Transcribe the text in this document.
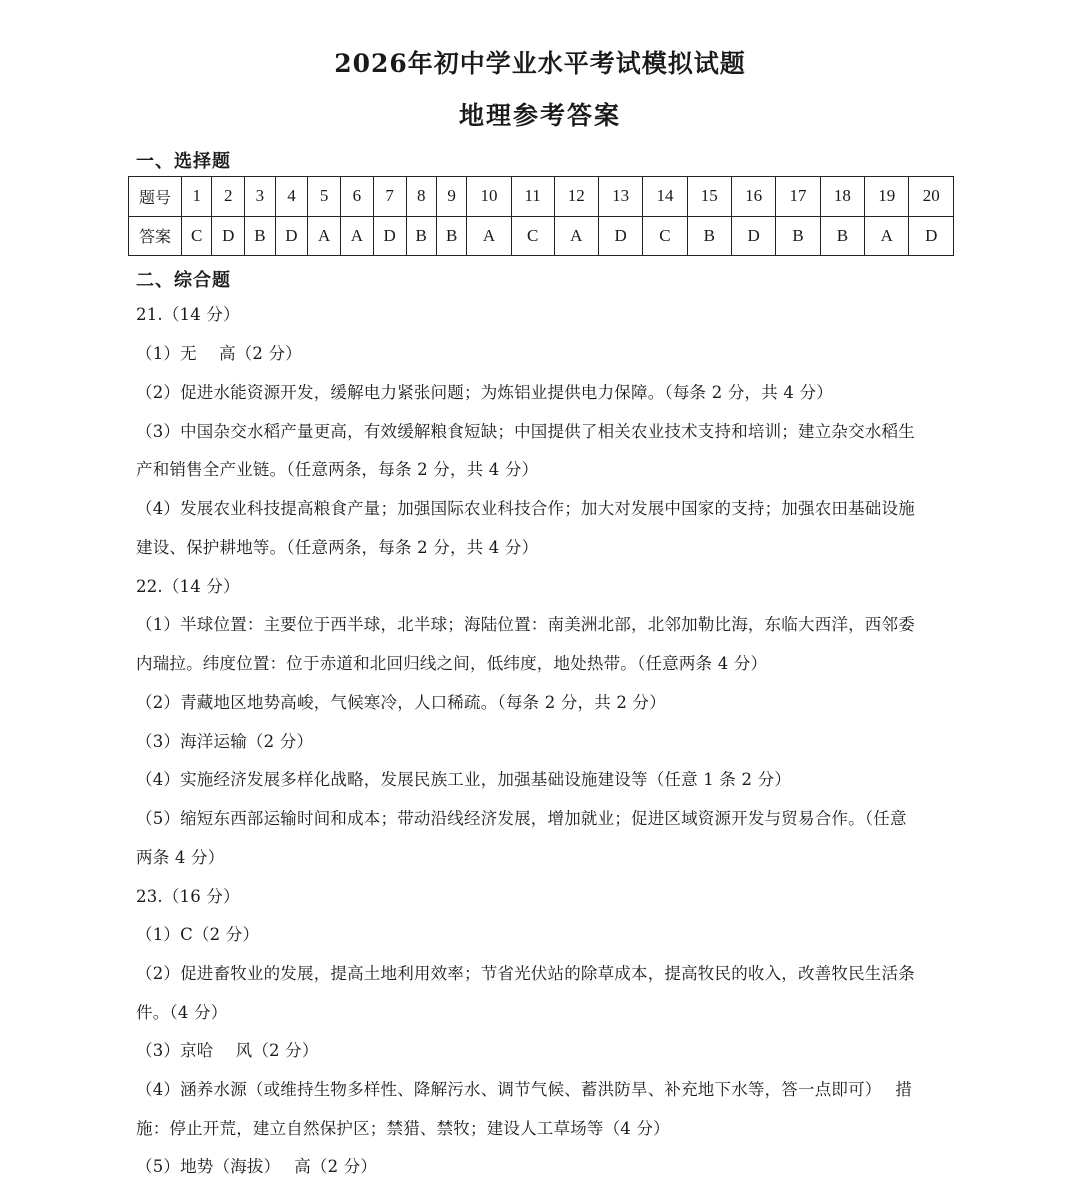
2026年初中学业水平考试模拟试题
地理参考答案
一、选择题
题号	1	2	3	4	5	6	7	8	9	10	11	12	13	14	15	16	17	18	19	20
答案	C	D	B	D	A	A	D	B	B	A	C	A	D	C	B	D	B	B	A	D
二、综合题
21.（14 分）
（1）无　 高（2 分）
（2）促进水能资源开发，缓解电力紧张问题；为炼铝业提供电力保障。（每条 2 分，共 4 分）
（3）中国杂交水稻产量更高，有效缓解粮食短缺；中国提供了相关农业技术支持和培训；建立杂交水稻生
产和销售全产业链。（任意两条，每条 2 分，共 4 分）
（4）发展农业科技提高粮食产量；加强国际农业科技合作；加大对发展中国家的支持；加强农田基础设施
建设、保护耕地等。（任意两条，每条 2 分，共 4 分）
22.（14 分）
（1）半球位置：主要位于西半球，北半球；海陆位置：南美洲北部，北邻加勒比海，东临大西洋，西邻委
内瑞拉。纬度位置：位于赤道和北回归线之间，低纬度，地处热带。（任意两条 4 分）
（2）青藏地区地势高峻，气候寒冷，人口稀疏。（每条 2 分，共 2 分）
（3）海洋运输（2 分）
（4）实施经济发展多样化战略，发展民族工业，加强基础设施建设等（任意 1 条 2 分）
（5）缩短东西部运输时间和成本；带动沿线经济发展，增加就业；促进区域资源开发与贸易合作。（任意
两条 4 分）
23.（16 分）
（1）C（2 分）
（2）促进畜牧业的发展，提高土地利用效率；节省光伏站的除草成本，提高牧民的收入，改善牧民生活条
件。（4 分）
（3）京哈　 风（2 分）
（4）涵养水源（或维持生物多样性、降解污水、调节气候、蓄洪防旱、补充地下水等，答一点即可）　 措
施：停止开荒，建立自然保护区；禁猎、禁牧；建设人工草场等（4 分）
（5）地势（海拔）　 高（2 分）
